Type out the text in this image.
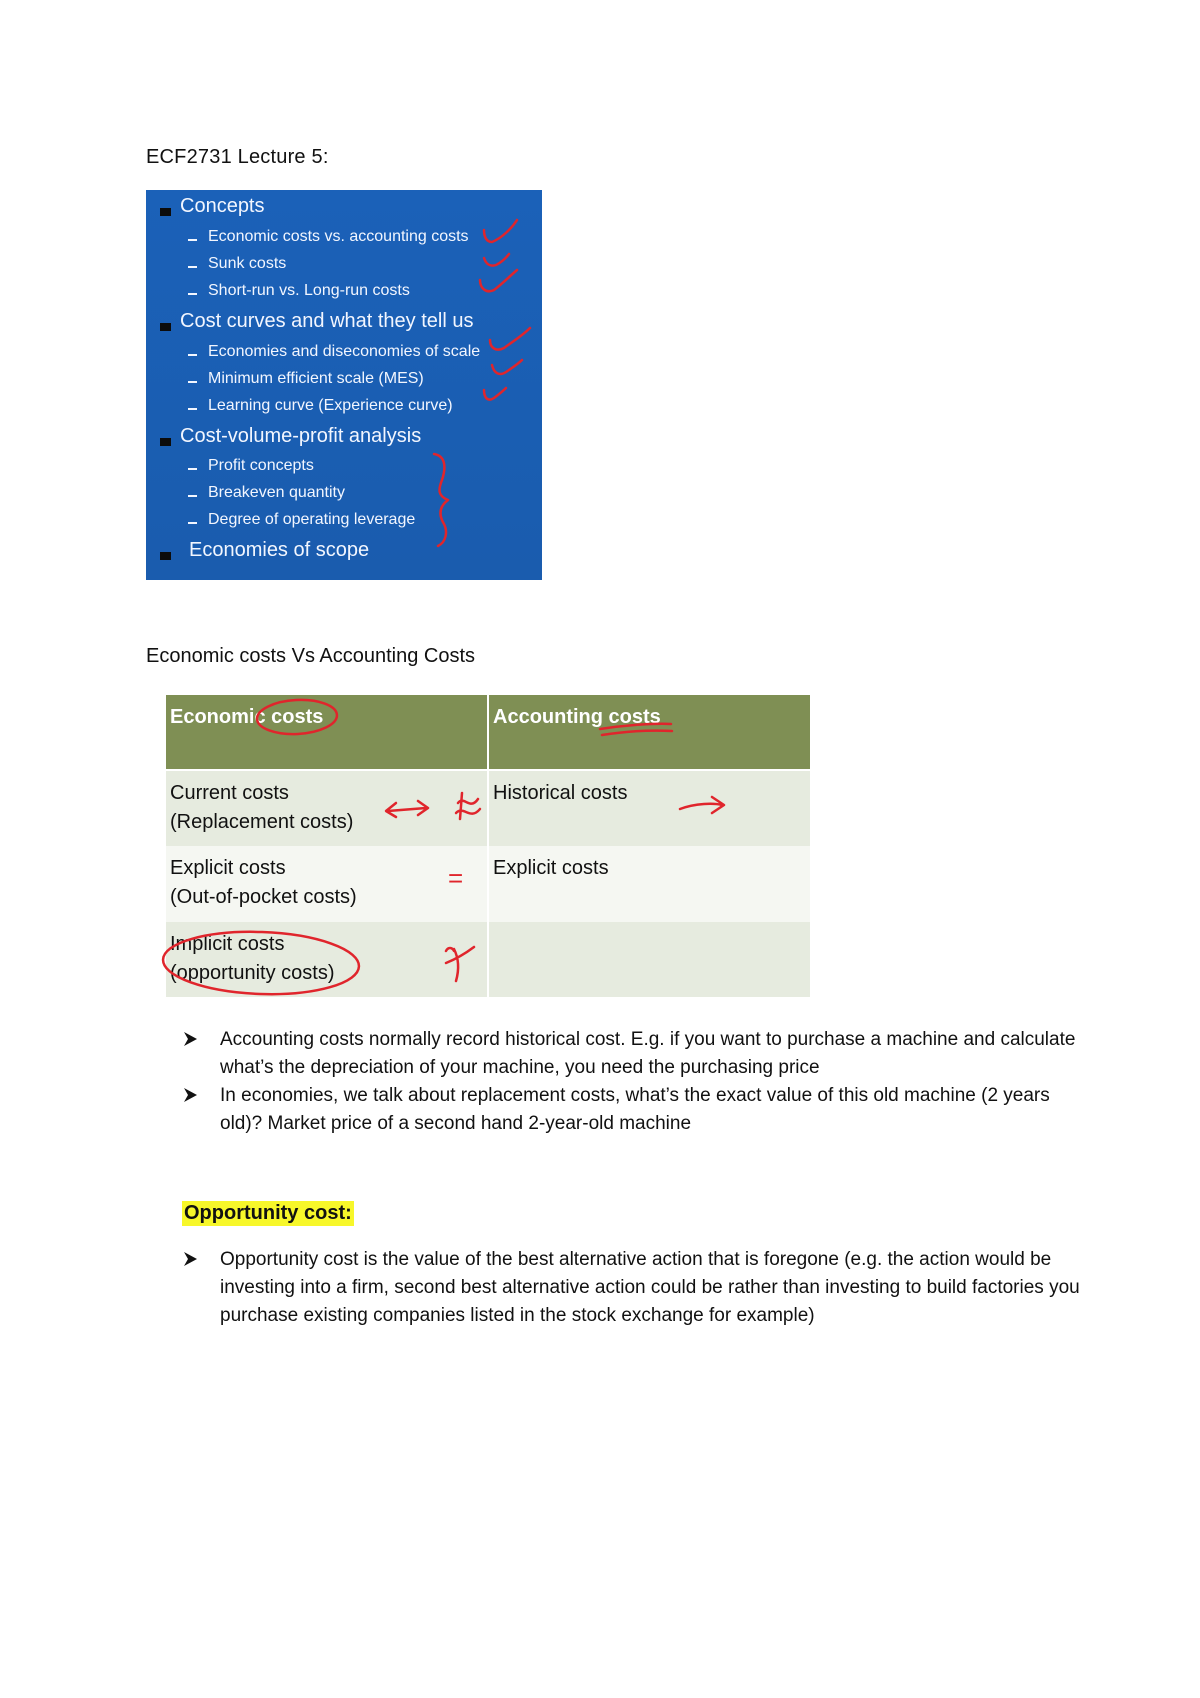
ECF2731 Lecture 5:
Concepts
Economic costs vs. accounting costs
Sunk costs
Short-run vs. Long-run costs
Cost curves and what they tell us
Economies and diseconomies of scale
Minimum efficient scale (MES)
Learning curve (Experience curve)
Cost-volume-profit analysis
Profit concepts
Breakeven quantity
Degree of operating leverage
Economies of scope
Economic costs Vs Accounting Costs
Economic costs	Accounting costs
Current costs
(Replacement costs)
Historical costs
Explicit costs
(Out-of-pocket costs)
Explicit costs
Implicit costs
(opportunity costs)
=
Accounting costs normally record historical cost. E.g. if you want to purchase a machine and calculate what’s the depreciation of your machine, you need the purchasing price
In economies, we talk about replacement costs, what’s the exact value of this old machine (2 years old)? Market price of a second hand 2-year-old machine
Opportunity cost:
Opportunity cost is the value of the best alternative action that is foregone (e.g. the action would be investing into a firm, second best alternative action could be rather than investing to build factories you purchase existing companies listed in the stock exchange for example)
